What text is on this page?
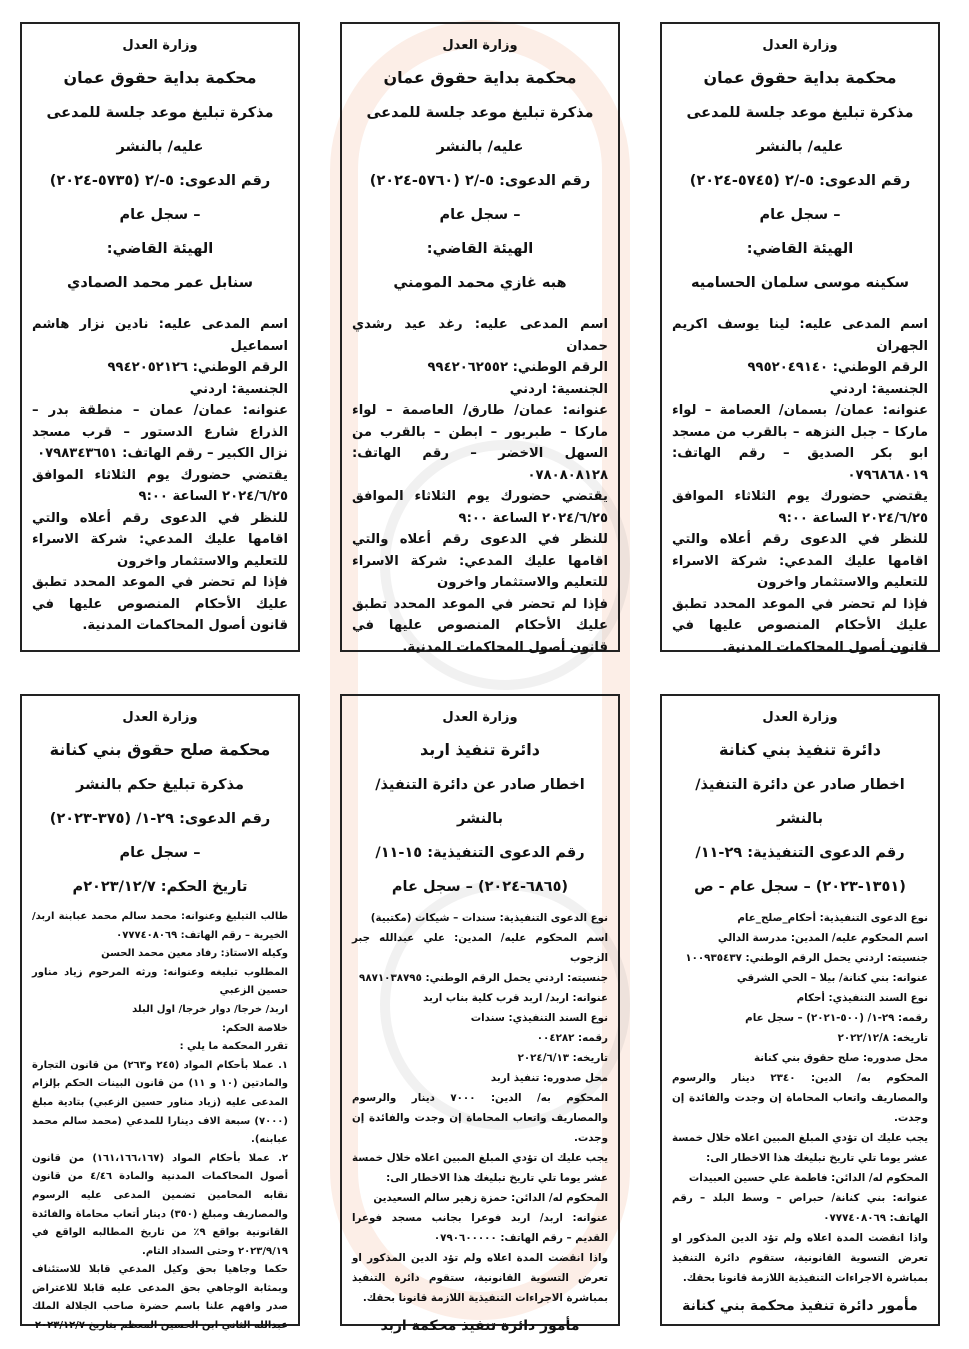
وزارة العدل
محكمة بداية حقوق عمان
مذكرة تبليغ موعد جلسة للمدعى
عليه/ بالنشر
رقم الدعوى: ٥-/٢ (٥٧٤٥-٢٠٢٤)
– سجل عام
الهيئة القاضي:
سكينه موسى سلمان الحساميه

اسم المدعى عليه: لينا يوسف اكريم الجهران

الرقم الوطني: ٩٩٥٢٠٤٩١٤٠

الجنسية: اردني

عنوانه: عمان/ بسمان/ العصامة – لواء ماركا – جبل النزهه – بالقرب من مسجد ابو بكر الصديق – رقم الهاتف: ٠٧٩٦٨٦٨٠١٩

يقتضي حضورك يوم الثلاثاء الموافق ٢٠٢٤/٦/٢٥ الساعة ٩:٠٠

للنظر في الدعوى رقم أعلاه والتي اقامها عليك المدعي: شركة الاسراء للتعليم والاستثمار واخرون

فإذا لم تحضر في الموعد المحدد تطبق عليك الأحكام المنصوص عليها في قانون أصول المحاكمات المدنية.

وزارة العدل
محكمة بداية حقوق عمان
مذكرة تبليغ موعد جلسة للمدعى
عليه/ بالنشر
رقم الدعوى: ٥-/٢ (٥٧٦٠-٢٠٢٤)
– سجل عام
الهيئة القاضي:
هبه غازي محمد المومني

اسم المدعى عليه: رغد عيد رشدي حمدان

الرقم الوطني: ٩٩٤٢٠٦٢٥٥٢

الجنسية: اردني

عنوانه: عمان/ طارق/ العاصمة – لواء ماركا – طبربور – ابطن – بالقرب من السهل الاخضر – رقم الهاتف: ٠٧٨٠٨٠٨١٢٨

يقتضي حضورك يوم الثلاثاء الموافق ٢٠٢٤/٦/٢٥ الساعة ٩:٠٠

للنظر في الدعوى رقم أعلاه والتي اقامها عليك المدعي: شركة الاسراء للتعليم والاستثمار واخرون

فإذا لم تحضر في الموعد المحدد تطبق عليك الأحكام المنصوص عليها في قانون أصول المحاكمات المدنية.

وزارة العدل
محكمة بداية حقوق عمان
مذكرة تبليغ موعد جلسة للمدعى
عليه/ بالنشر
رقم الدعوى: ٥-/٢ (٥٧٣٥-٢٠٢٤)
– سجل عام
الهيئة القاضي:
سنابل عمر محمد الصمادي

اسم المدعى عليه: نادين نزار هاشم اسماعيل

الرقم الوطني: ٩٩٤٢٠٥٢١٢٦

الجنسية: اردني

عنوانه: عمان/ عمان – منطقة بدر – الذراع شارع الدستور – قرب مسجد نزال الكبير – رقم الهاتف: ٠٧٩٨٣٤٣٦٥١

يقتضي حضورك يوم الثلاثاء الموافق ٢٠٢٤/٦/٢٥ الساعة ٩:٠٠

للنظر في الدعوى رقم أعلاه والتي اقامها عليك المدعي: شركة الاسراء للتعليم والاستثمار واخرون

فإذا لم تحضر في الموعد المحدد تطبق عليك الأحكام المنصوص عليها في قانون أصول المحاكمات المدنية.

وزارة العدل
دائرة تنفيذ بني كنانة
اخطار صادر عن دائرة التنفيذ/
بالنشر
رقم الدعوى التنفيذية: ٢٩-١١/
(١٣٥١-٢٠٢٣) – سجل عام - ص

نوع الدعوى التنفيذية: أحكام_صلح_عام

اسم المحكوم عليه/ المدين: مدرسة الدالي

جنسيته: اردني يحمل الرقم الوطني: ١٠٠٩٣٥٤٣٧

عنوانه: بني كنانة/ بيلا – الحي الشرقي

نوع السند التنفيذي: أحكام

رقمه: ٢٩-١/ (٥٠٠-٢٠٢١) – سجل عام

تاريخه: ٢٠٢٢/١٢/٨

محل صدوره: صلح حقوق بني كنانة

المحكوم به/ الدين: ٢٣٤٠ دينار والرسوم والمصاريف واتعاب المحاماة إن وجدت والفائدة إن وجدت.

يجب عليك ان تؤدي المبلغ المبين اعلاه خلال خمسة عشر يوما تلي تاريخ تبليغك هذا الاخطار الى:

المحكوم له/ الدائن: فاطمة علي حسين العبيدات

عنوانه: بني كنانة/ حبراص – وسط البلد – رقم الهاتف: ٠٧٧٧٤٠٨٠٦٩

واذا انقضت المدة اعلاه ولم تؤد الدين المذكور او تعرض التسوية القانونية، ستقوم دائرة التنفيذ بمباشرة الاجراءات التنفيذية اللازمة قانونا بحقك.

مأمور دائرة تنفيذ محكمة بني كنانة
وزارة العدل
دائرة تنفيذ اربد
اخطار صادر عن دائرة التنفيذ/
بالنشر
رقم الدعوى التنفيذية: ١٥-١١/
(٦٨٦٥-٢٠٢٤) – سجل عام

نوع الدعوى التنفيذية: سندات – شيكات (مكتبية)

اسم المحكوم عليه/ المدين: علي عبدالله جبر الزجوب

جنسيته: اردني يحمل الرقم الوطني: ٩٨٧١٠٣٨٧٩٥

عنوانه: اربد/ اربد قرب كلية بناب اربد

نوع السند التنفيذي: سندات

رقمه: ٠٠٤٢٨٢

تاريخه: ٢٠٢٤/٦/١٣

محل صدوره: تنفيذ اربد

المحكوم به/ الدين: ٧٠٠٠ دينار والرسوم والمصاريف واتعاب المحاماة إن وجدت والفائدة إن وجدت.

يجب عليك ان تؤدي المبلغ المبين اعلاه خلال خمسة عشر يوما تلي تاريخ تبليغك هذا الاخطار الى:

المحكوم له/ الدائن: حمزة زهير سالم السعيدين

عنوانه: اربد/ اربد فوعرا بجانب مسجد فوعرا القديم – رقم الهاتف: ٠٧٩٠٦٠٠٠٠٠

واذا انقضت المدة اعلاه ولم تؤد الدين المذكور او تعرض التسوية القانونية، ستقوم دائرة التنفيذ بمباشرة الاجراءات التنفيذية اللازمة قانونا بحقك.

مأمور دائرة تنفيذ محكمة اربد
وزارة العدل
محكمة صلح حقوق بني كنانة
مذكرة تبليغ حكم بالنشر
رقم الدعوى: ٢٩-١/ (٣٧٥-٢٠٢٣)
– سجل عام
تاريخ الحكم: ٢٠٢٣/١٢/٧م

طالب التبليغ وعنوانه: محمد سالم محمد عبابنة اربد/ الخيرية – رقم الهاتف: ٠٧٧٧٤٠٨٠٦٩

وكيله الاستاذ: رفاد معين محمد الحسن

المطلوب تبليغه وعنوانه: ورثه المرحوم زياد مناور حسين الزعبي

اربد/ خرجا/ دوار خرجا/ اول البلد

خلاصة الحكم:

تقرر المحكمة ما يلي :

١. عملا بأحكام المواد (٢٤٥ و٢٦٣) من قانون التجارة والمادتين (١٠ و ١١) من قانون البينات الحكم بإلزام المدعى عليه (زياد مناور حسين الزعبي) بتادية مبلغ (٧٠٠٠) سبعة الاف دينارا للمدعي (محمد سالم محمد عبابنه).

٢. عملا بأحكام المواد (١٦١،١٦٦،١٦٧) من قانون أصول المحاكمات المدنية والمادة ٤/٤٦ من قانون نقابه المحامين تضمين المدعى عليه الرسوم والمصاريف ومبلغ (٣٥٠) دينار أتعاب محاماة والفائدة القانونية بواقع ٩٪ من تاريخ المطالبه الواقع في ٢٠٢٣/٩/١٩ وحتى السداد التام.

حكما وجاهيا بحق وكيل المدعي قابلا للاستئناف وبمثابة الوجاهي بحق المدعى عليه قابلا للاعتراض صدر وافهم علنا باسم حضرة صاحب الجلالة الملك عبدالله الثاني ابن الحسين المعظم بتاريخ ٢٠٢٣/١٢/٧
